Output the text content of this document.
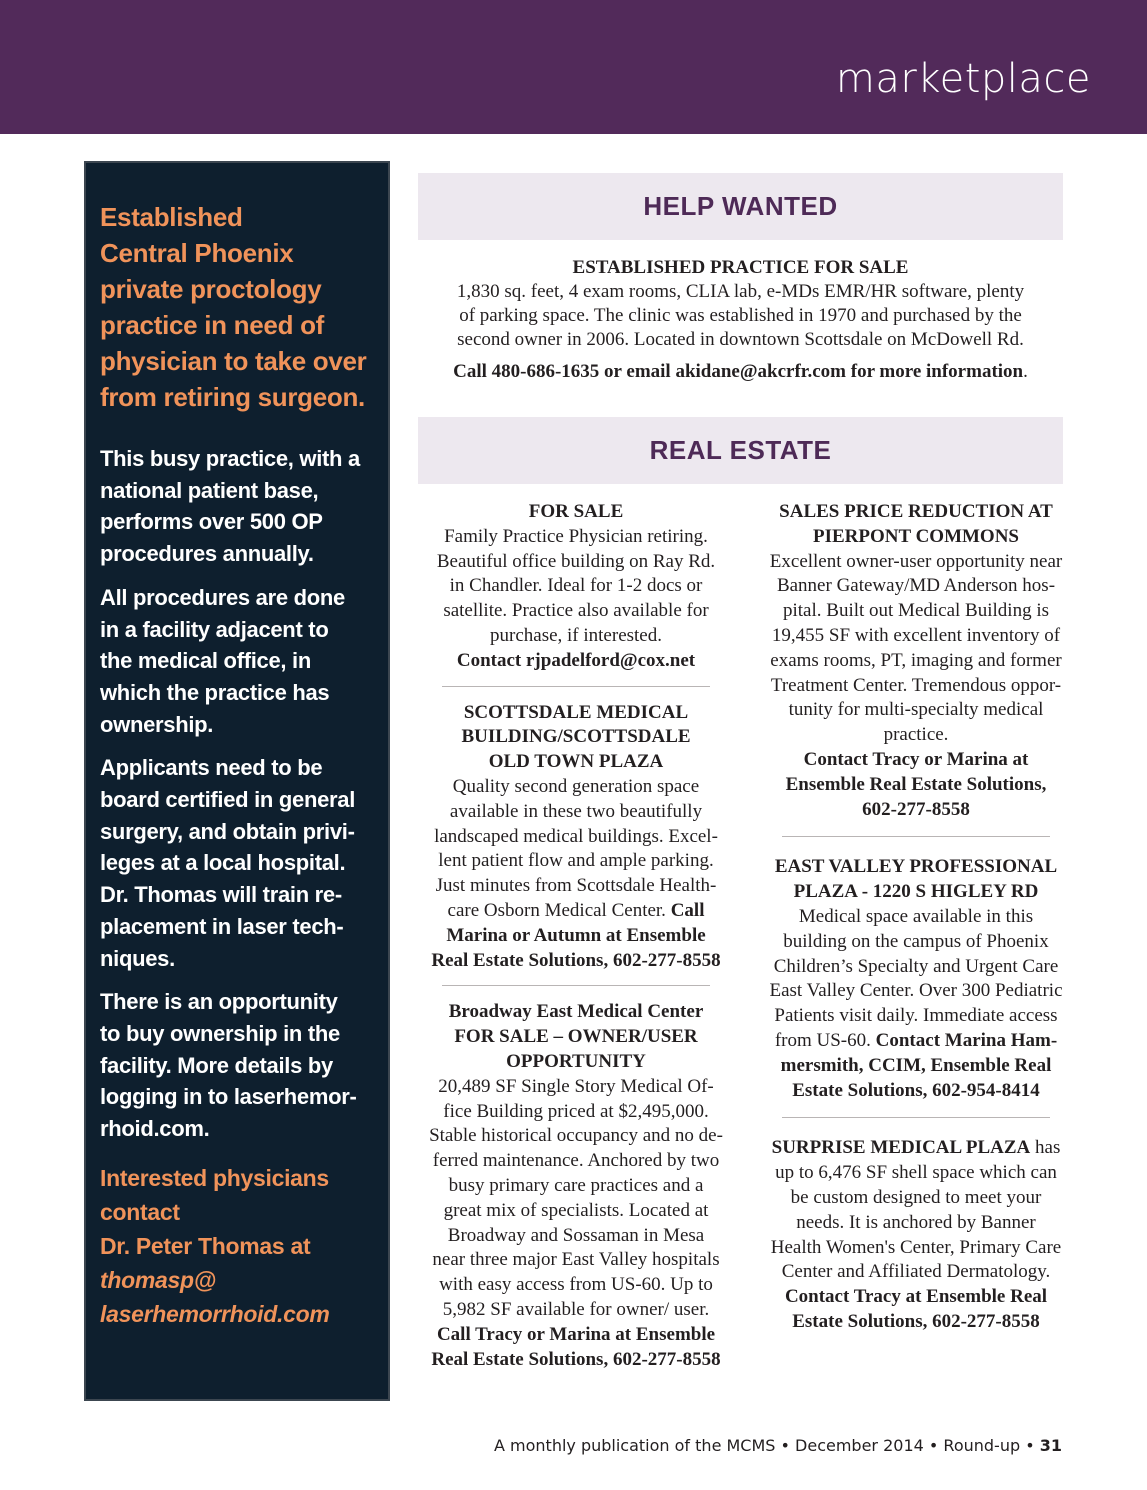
marketplace

Established
Central Phoenix
private proctology
practice in need of
physician to take over
from retiring surgeon.

This busy practice, with a
national patient base,
performs over 500 OP
procedures annually.

All procedures are done
in a facility adjacent to
the medical office, in
which the practice has
ownership.

Applicants need to be
board certified in general
surgery, and obtain privi-
leges at a local hospital.
Dr. Thomas will train re-
placement in laser tech-
niques.

There is an opportunity
to buy ownership in the
facility. More details by
logging in to laserhemor-
rhoid.com.

Interested physicians
contact
Dr. Peter Thomas at
thomasp@
laserhemorrhoid.com

HELP WANTED
ESTABLISHED PRACTICE FOR SALE
1,830 sq. feet, 4 exam rooms, CLIA lab, e-MDs EMR/HR software, plenty
of parking space. The clinic was established in 1970 and purchased by the
second owner in 2006. Located in downtown Scottsdale on McDowell Rd.
Call 480-686-1635 or email akidane@akcrfr.com for more information.
REAL ESTATE
FOR SALE
Family Practice Physician retiring.
Beautiful office building on Ray Rd.
in Chandler. Ideal for 1-2 docs or
satellite. Practice also available for
purchase, if interested.
Contact rjpadelford@cox.net
SCOTTSDALE MEDICAL
BUILDING/SCOTTSDALE
OLD TOWN PLAZA
Quality second generation space
available in these two beautifully
landscaped medical buildings. Excel-
lent patient flow and ample parking.
Just minutes from Scottsdale Health-
care Osborn Medical Center. Call
Marina or Autumn at Ensemble
Real Estate Solutions, 602-277-8558
Broadway East Medical Center
FOR SALE – OWNER/USER
OPPORTUNITY
20,489 SF Single Story Medical Of-
fice Building priced at $2,495,000.
Stable historical occupancy and no de-
ferred maintenance. Anchored by two
busy primary care practices and a
great mix of specialists. Located at
Broadway and Sossaman in Mesa
near three major East Valley hospitals
with easy access from US-60. Up to
5,982 SF available for owner/ user.
Call Tracy or Marina at Ensemble
Real Estate Solutions, 602-277-8558
SALES PRICE REDUCTION AT
PIERPONT COMMONS
Excellent owner-user opportunity near
Banner Gateway/MD Anderson hos-
pital. Built out Medical Building is
19,455 SF with excellent inventory of
exams rooms, PT, imaging and former
Treatment Center. Tremendous oppor-
tunity for multi-specialty medical
practice.
Contact Tracy or Marina at
Ensemble Real Estate Solutions,
602-277-8558
EAST VALLEY PROFESSIONAL
PLAZA - 1220 S HIGLEY RD
Medical space available in this
building on the campus of Phoenix
Children’s Specialty and Urgent Care
East Valley Center. Over 300 Pediatric
Patients visit daily. Immediate access
from US-60. Contact Marina Ham-
mersmith, CCIM, Ensemble Real
Estate Solutions, 602-954-8414
SURPRISE MEDICAL PLAZA has
up to 6,476 SF shell space which can
be custom designed to meet your
needs. It is anchored by Banner
Health Women's Center, Primary Care
Center and Affiliated Dermatology.
Contact Tracy at Ensemble Real
Estate Solutions, 602-277-8558
A monthly publication of the MCMS • December 2014 • Round-up • 31
